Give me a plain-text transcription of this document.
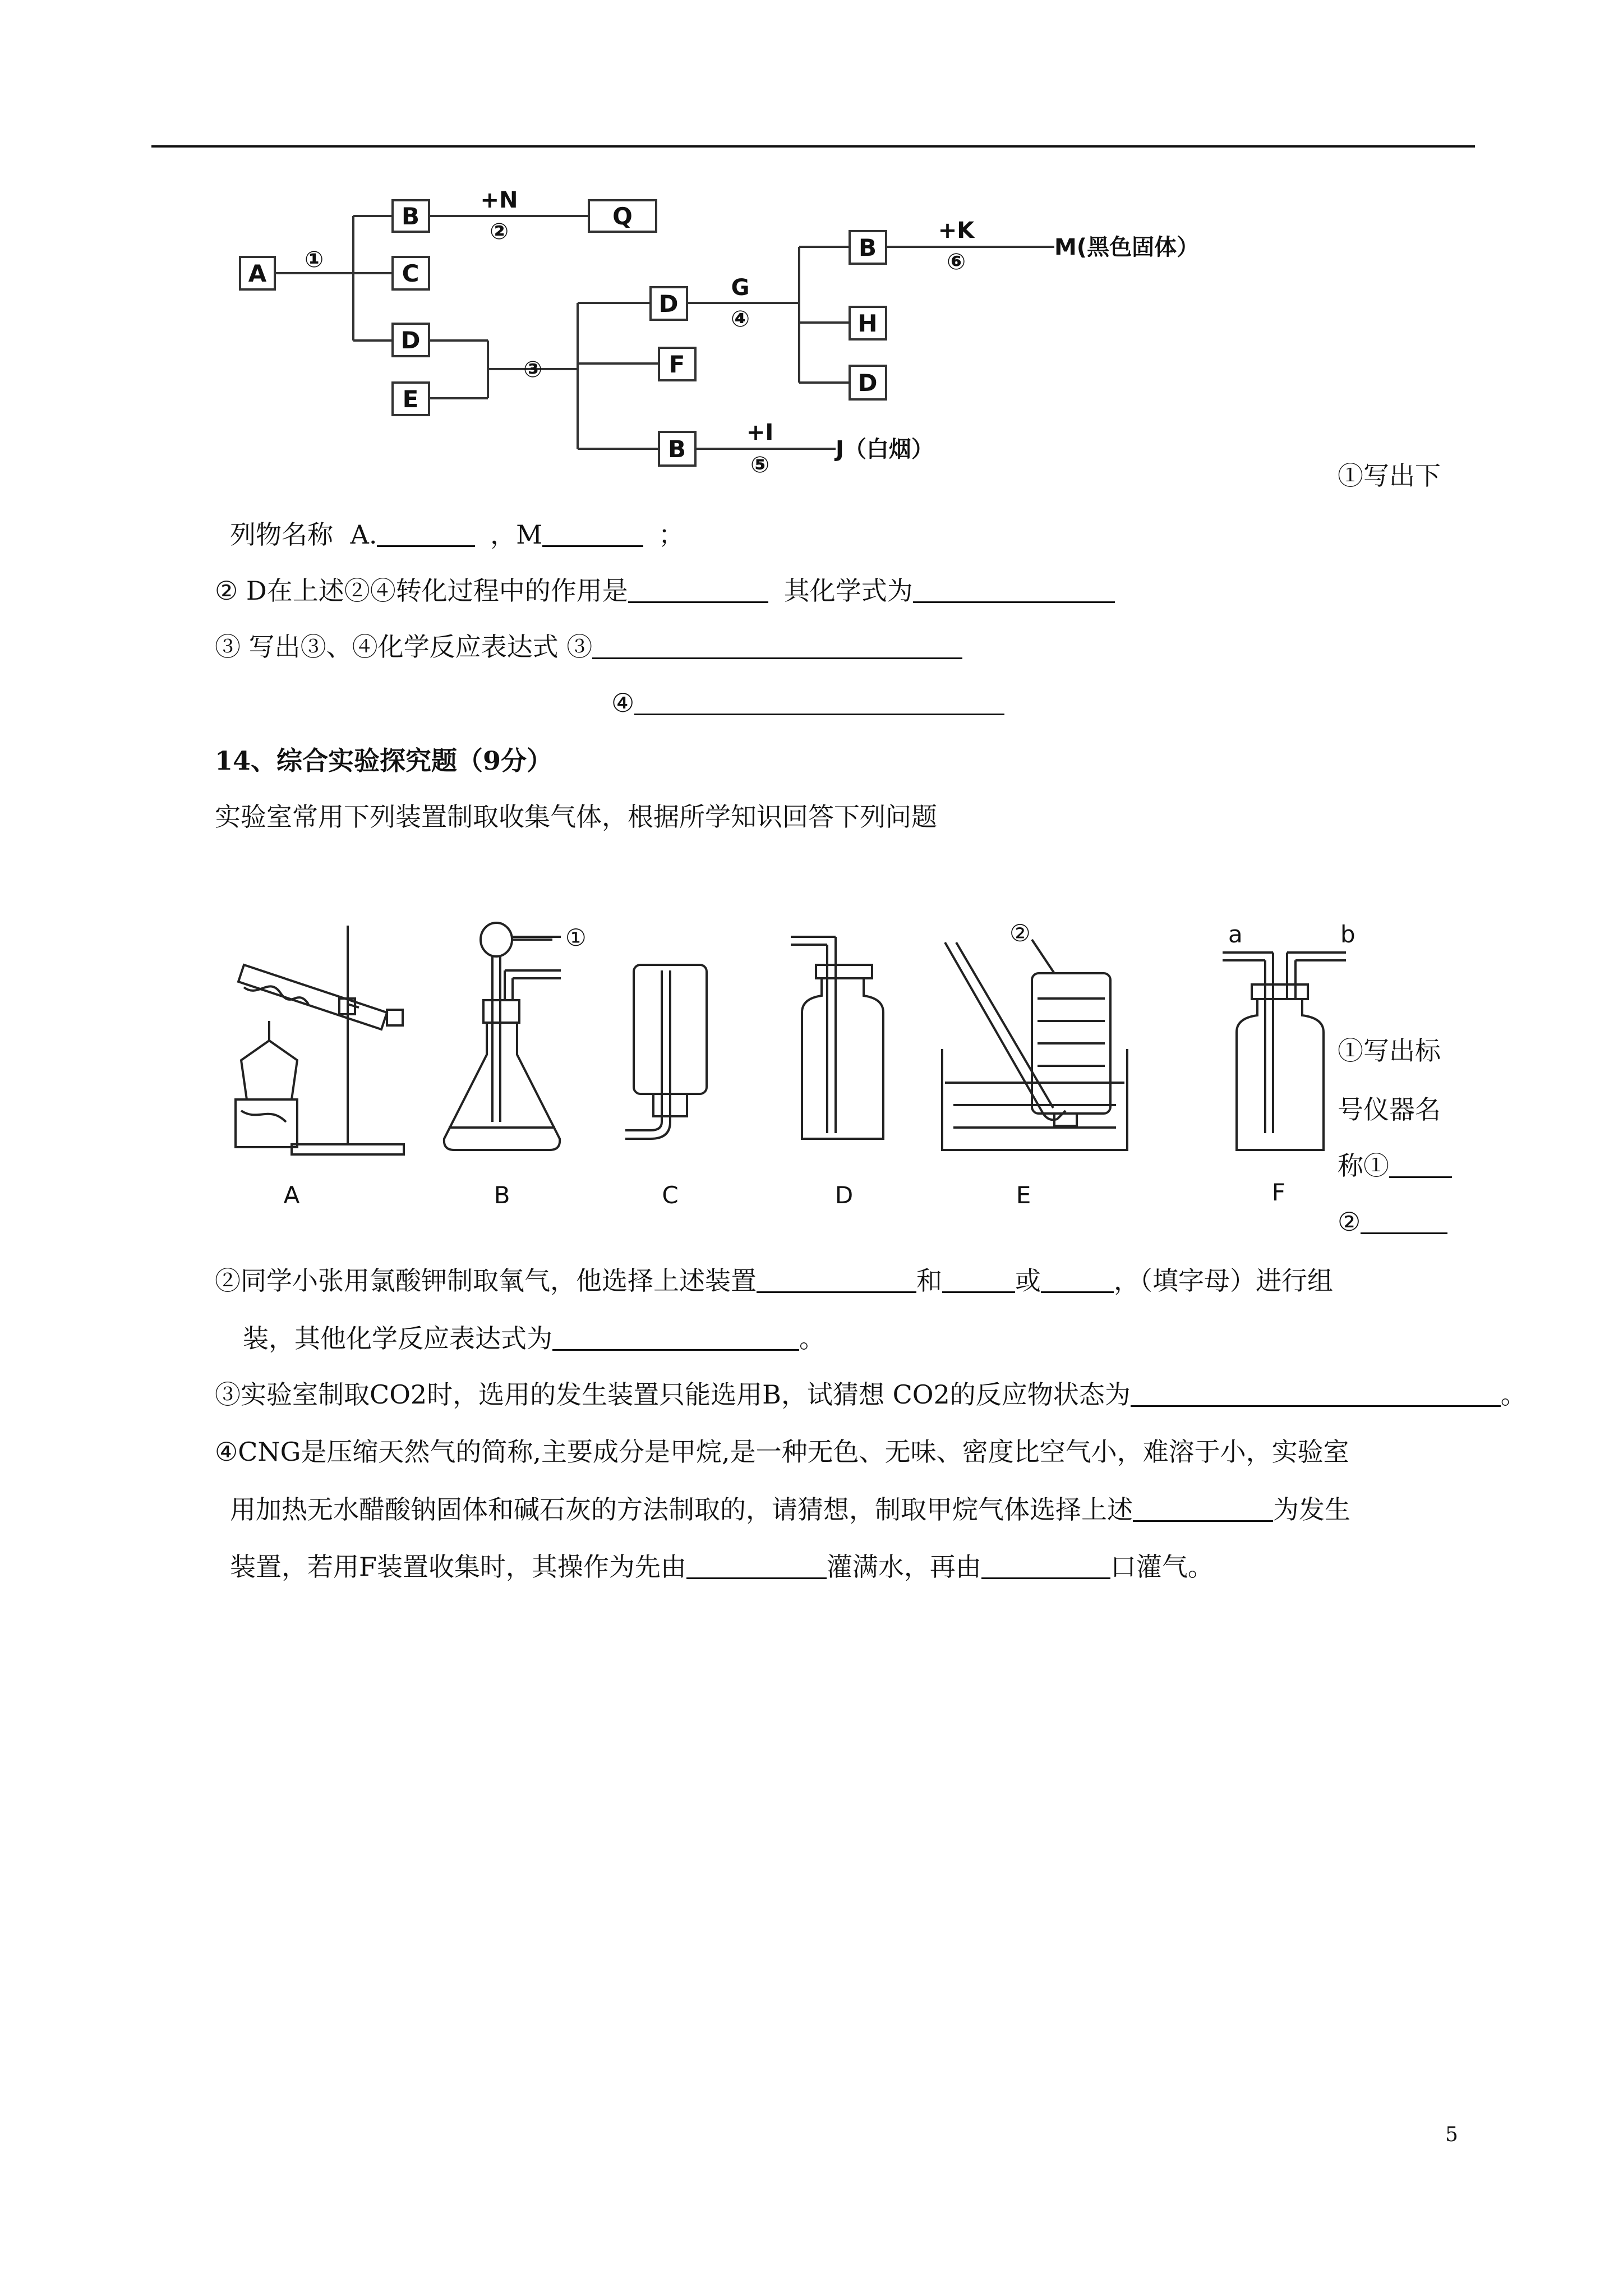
A
B
C
D
E
Q
D
F
B
B
H
D
①
+N
②
③
G
④
+I
⑤
+K
⑥
J（白烟）
M(黑色固体）
①写出下
列物名称 A.	，M	；
② D在上述②④转化过程中的作用是	其化学式为
③ 写出③、④化学反应表达式 ③
④
14、综合实验探究题（9分）
实验室常用下列装置制取收集气体，根据所学知识回答下列问题
①	②	a	b
A	B	C	D	E	F
①写出标
号仪器名
称①
②
②同学小张用氯酸钾制取氧气，他选择上述装置	和	或	，（填字母）进行组
装，其他化学反应表达式为	。
③实验室制取CO2时，选用的发生装置只能选用B，试猜想 CO2的反应物状态为	。
④CNG是压缩天然气的简称,主要成分是甲烷,是一种无色、无味、密度比空气小，难溶于小，实验室
用加热无水醋酸钠固体和碱石灰的方法制取的，请猜想，制取甲烷气体选择上述	为发生
装置，若用F装置收集时，其操作为先由	灌满水，再由	口灌气。
5
